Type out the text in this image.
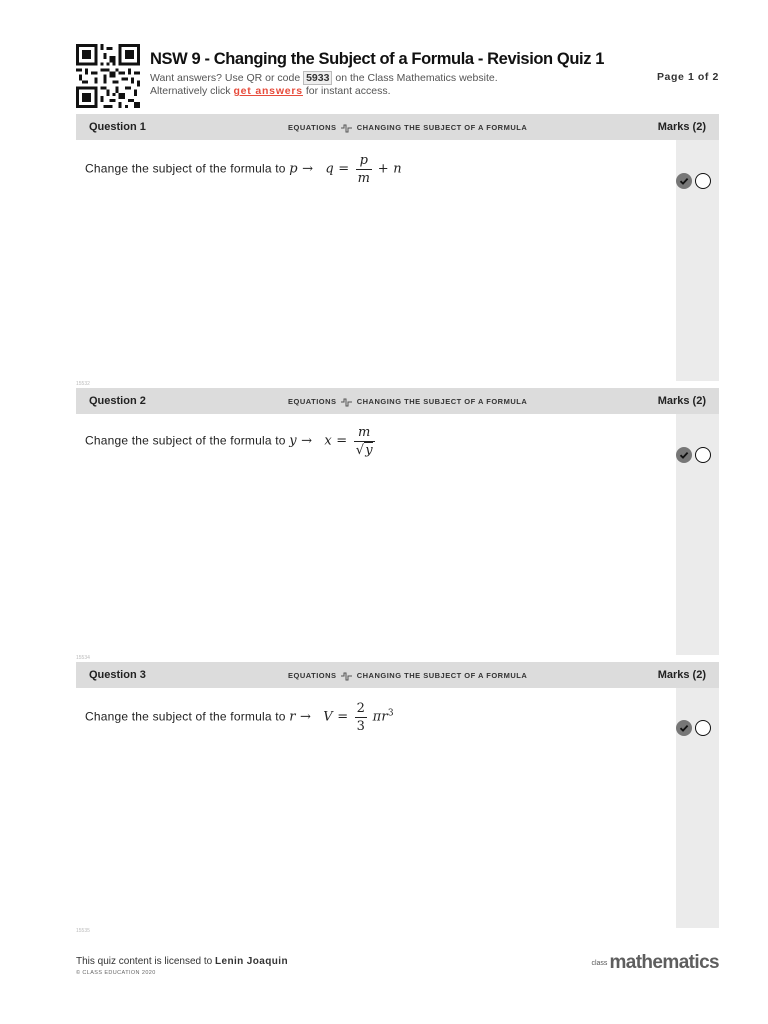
NSW 9 - Changing the Subject of a Formula - Revision Quiz 1
Want answers? Use QR or code 5933 on the Class Mathematics website.
Alternatively click get answers for instant access.
Page 1 of 2
Question 1	EQUATIONS	CHANGING THE SUBJECT OF A FORMULA	Marks (2)
Change the subject of the formula to $p \to q = \frac{p}{m} + n$
15532
Question 2	EQUATIONS	CHANGING THE SUBJECT OF A FORMULA	Marks (2)
Change the subject of the formula to $y \to x = \frac{m}{√y}$
15534
Question 3	EQUATIONS	CHANGING THE SUBJECT OF A FORMULA	Marks (2)
Change the subject of the formula to $r \to V = \frac{2}{3} \pi r^3$
15535
This quiz content is licensed to Lenin Joaquin
© CLASS EDUCATION 2020
class mathematics
